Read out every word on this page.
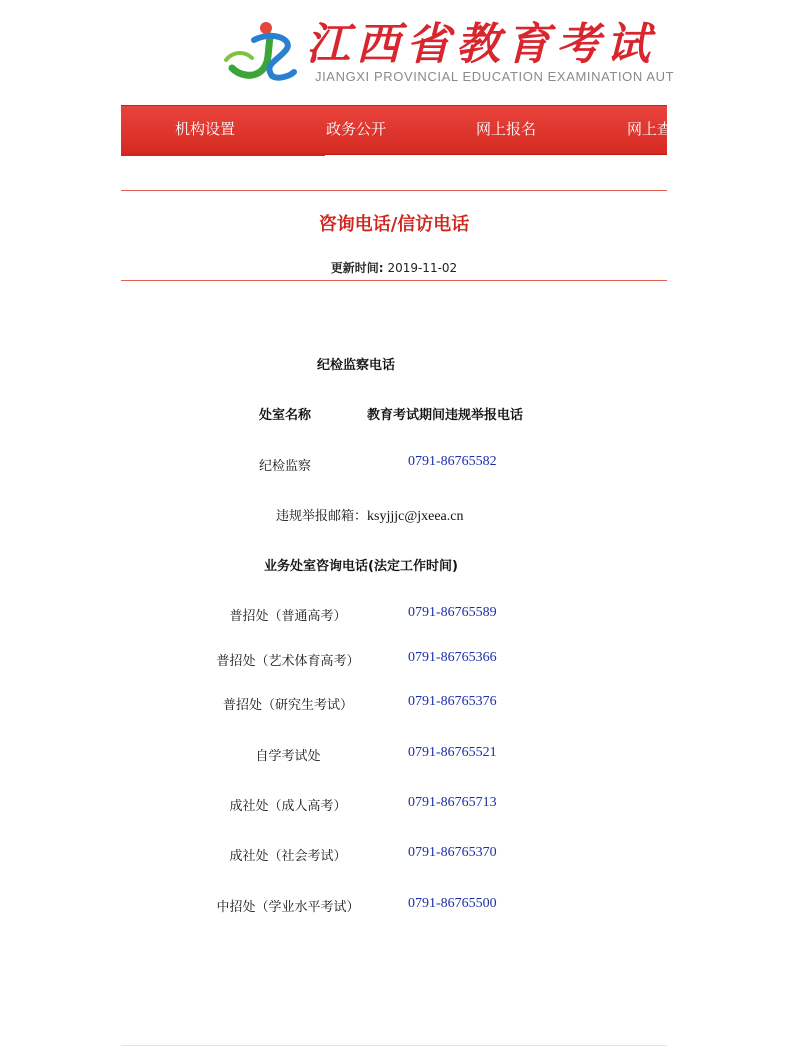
江西省教育考试
JIANGXI PROVINCIAL EDUCATION EXAMINATION AUT
机构设置	政务公开	网上报名	网上查
咨询电话/信访电话
更新时间: 2019-11-02
纪检监察电话
处室名称	教育考试期间违规举报电话
纪检监察	0791-86765582
违规举报邮箱：ksyjjjc@jxeea.cn
业务处室咨询电话(法定工作时间)
普招处（普通高考）	0791-86765589
普招处（艺术体育高考）	0791-86765366
普招处（研究生考试）	0791-86765376
自学考试处	0791-86765521
成社处（成人高考）	0791-86765713
成社处（社会考试）	0791-86765370
中招处（学业水平考试）	0791-86765500
